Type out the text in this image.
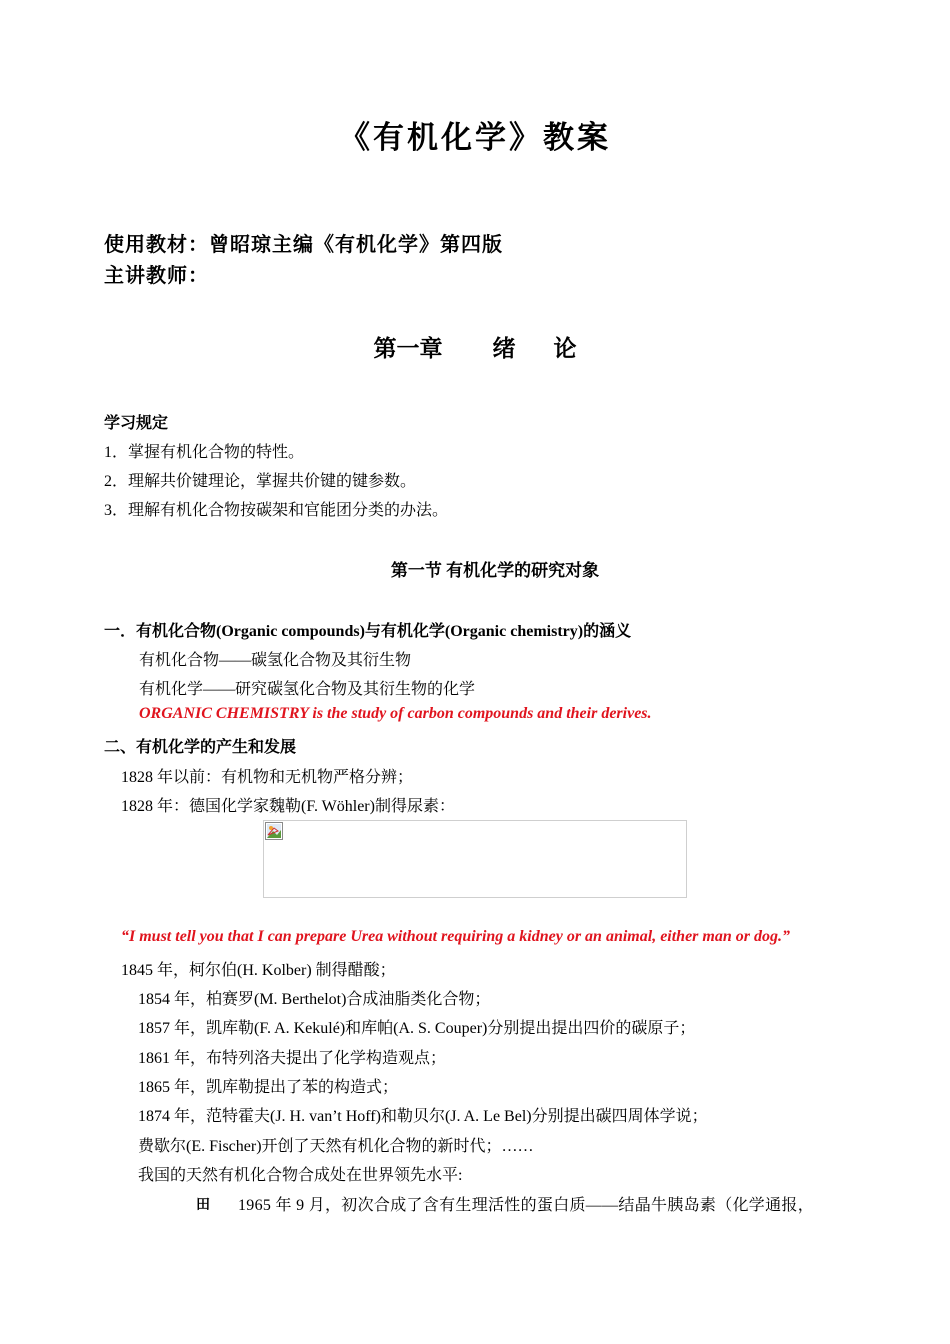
《有机化学》教案
使用教材：曾昭琼主编《有机化学》第四版
主讲教师：
第一章 绪 论
学习规定
1．掌握有机化合物的特性。
2．理解共价键理论，掌握共价键的键参数。
3．理解有机化合物按碳架和官能团分类的办法。
第一节 有机化学的研究对象
一．有机化合物(Organic compounds)与有机化学(Organic chemistry)的涵义
有机化合物——碳氢化合物及其衍生物
有机化学——研究碳氢化合物及其衍生物的化学
ORGANIC CHEMISTRY is the study of carbon compounds and their derives.
二、有机化学的产生和发展
1828 年以前：有机物和无机物严格分辨；
1828 年：德国化学家魏勒(F. Wöhler)制得尿素：
“I must tell you that I can prepare Urea without requiring a kidney or an animal, either man or dog.”
1845 年，柯尔伯(H. Kolber) 制得醋酸；
1854 年，柏赛罗(M. Berthelot)合成油脂类化合物；
1857 年，凯库勒(F. A. Kekulé)和库帕(A. S. Couper)分别提出提出四价的碳原子；
1861 年，布特列洛夫提出了化学构造观点；
1865 年，凯库勒提出了苯的构造式；
1874 年，范特霍夫(J. H. van’t Hoff)和勒贝尔(J. A. Le Bel)分别提出碳四周体学说；
费歇尔(E. Fischer)开创了天然有机化合物的新时代；……
我国的天然有机化合物合成处在世界领先水平:
田 1965 年 9 月，初次合成了含有生理活性的蛋白质——结晶牛胰岛素（化学通报，
